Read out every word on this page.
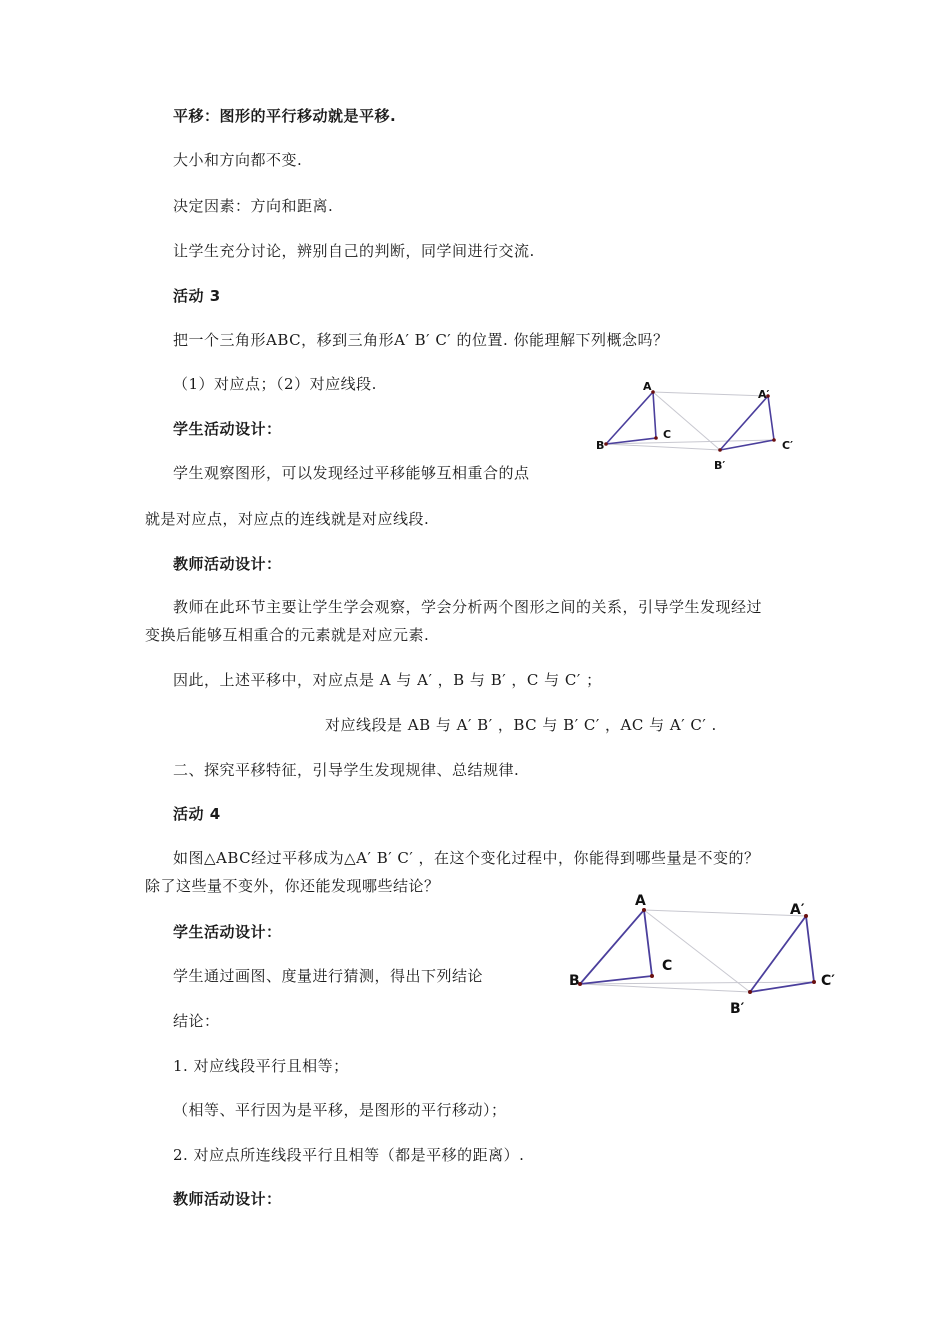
平移：图形的平行移动就是平移.
大小和方向都不变.
决定因素：方向和距离.
让学生充分讨论，辨别自己的判断，同学间进行交流.
活动 3
把一个三角形ABC，移到三角形A′ B′ C′ 的位置. 你能理解下列概念吗？
（1）对应点；（2）对应线段.
学生活动设计：
学生观察图形，可以发现经过平移能够互相重合的点
就是对应点，对应点的连线就是对应线段.
教师活动设计：
教师在此环节主要让学生学会观察，学会分析两个图形之间的关系，引导学生发现经过
变换后能够互相重合的元素就是对应元素.
因此，上述平移中，对应点是 A 与 A′ ，B 与 B′ ，C 与 C′ ；
对应线段是 AB 与 A′ B′ ，BC 与 B′ C′ ，AC 与 A′ C′ .
二、探究平移特征，引导学生发现规律、总结规律.
活动 4
如图△ABC经过平移成为△A′ B′ C′ ，在这个变化过程中，你能得到哪些量是不变的？
除了这些量不变外，你还能发现哪些结论？
学生活动设计：
学生通过画图、度量进行猜测，得出下列结论
结论：
1. 对应线段平行且相等；
（相等、平行因为是平移，是图形的平行移动）；
2. 对应点所连线段平行且相等（都是平移的距离）.
教师活动设计：
A
B
C
A′
B′
C′
A
B
C
A′
B′
C′
